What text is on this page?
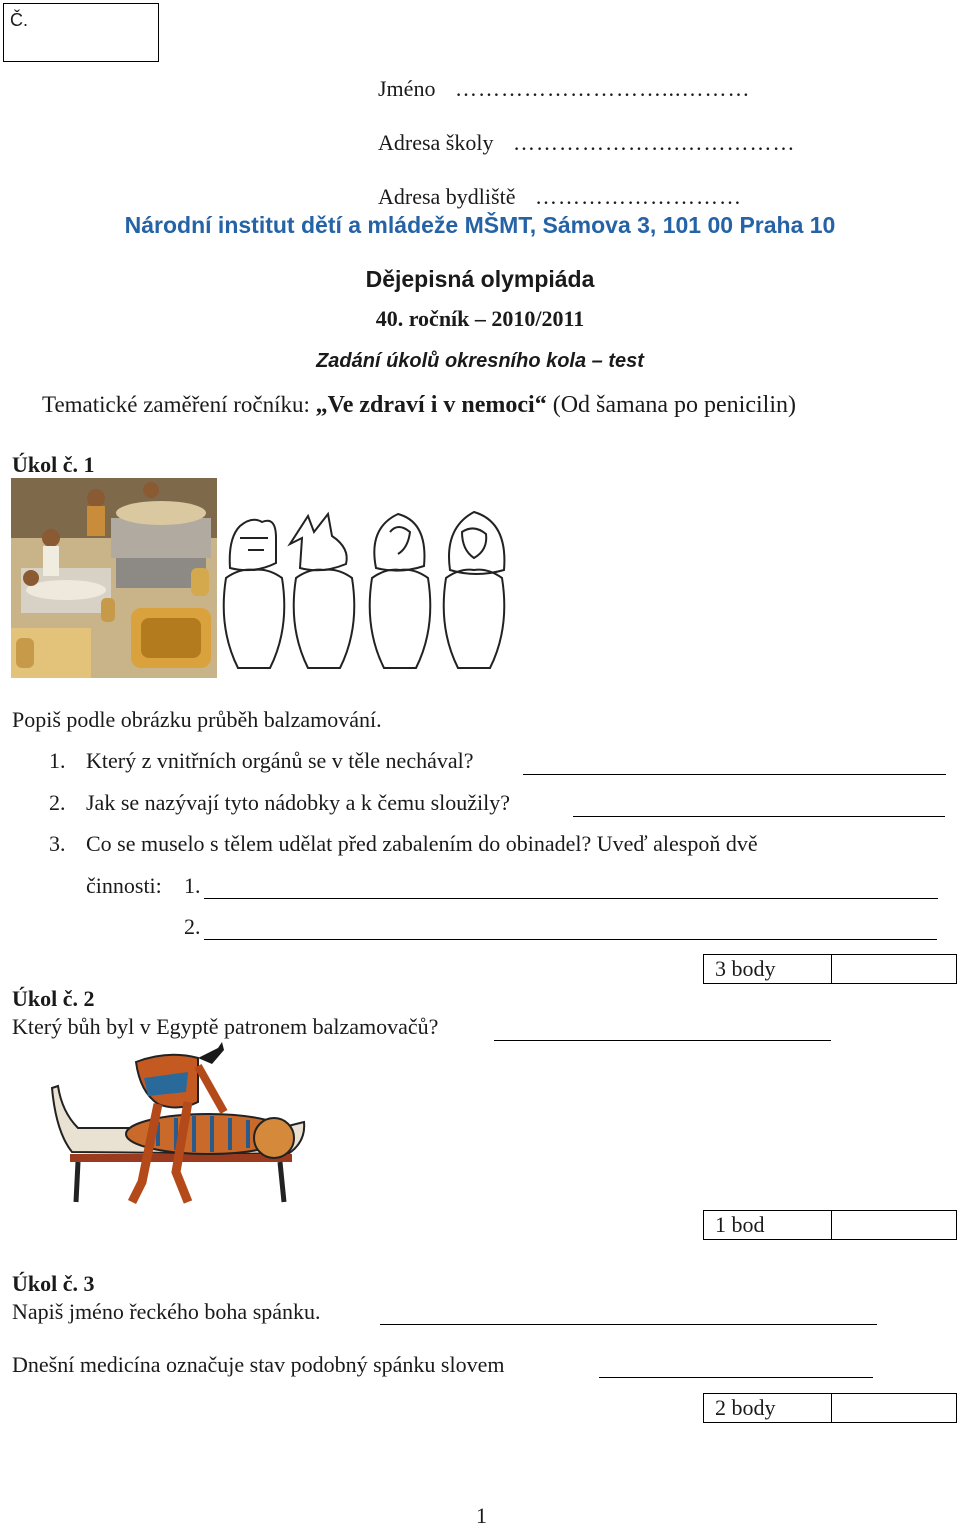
Č.
Jméno ………………………...………
Adresa školy ………………….……………
Adresa bydliště ………………………
Národní institut dětí a mládeže MŠMT, Sámova 3, 101 00 Praha 10
Dějepisná olympiáda
40. ročník – 2010/2011
Zadání úkolů okresního kola – test
Tematické zaměření ročníku: „Ve zdraví i v nemoci“ (Od šamana po penicilin)
Úkol č. 1
Popiš podle obrázku průběh balzamování.
1. Který z vnitřních orgánů se v těle nechával?
2. Jak se nazývají tyto nádobky a k čemu sloužily?
3. Co se muselo s tělem udělat před zabalením do obinadel? Uveď alespoň dvě
činnosti: 1.
2.
3 body
Úkol č. 2
Který bůh byl v Egyptě patronem balzamovačů?
1 bod
Úkol č. 3
Napiš jméno řeckého boha spánku.
Dnešní medicína označuje stav podobný spánku slovem
2 body
1
